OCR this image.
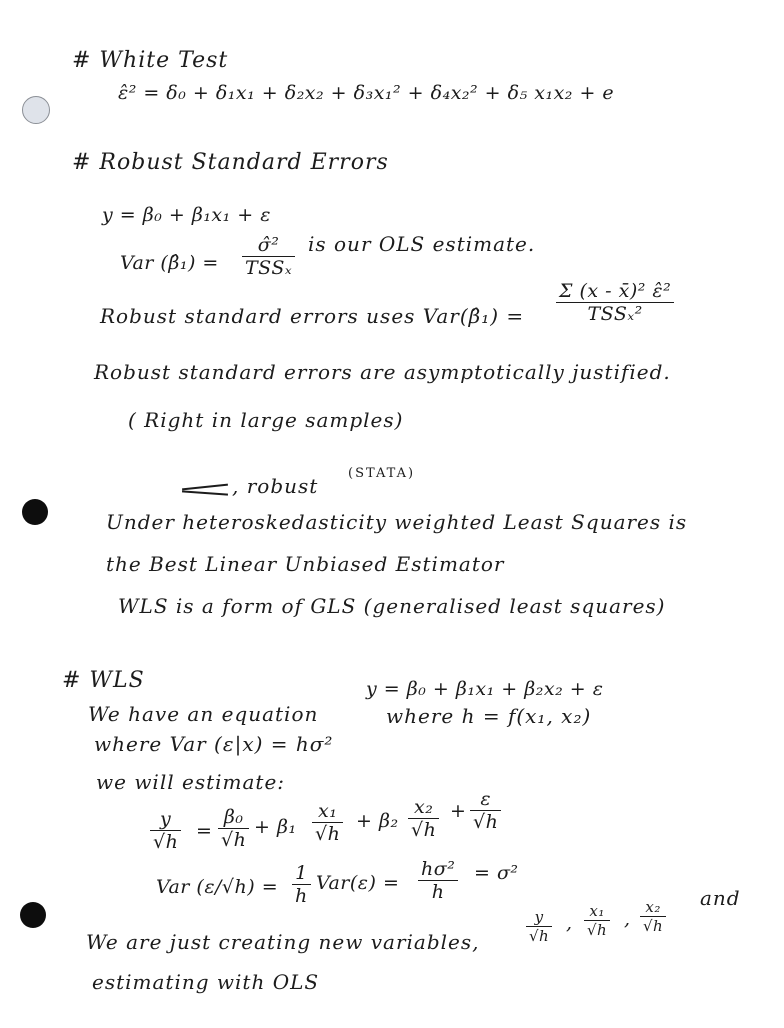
# White Test
ε̂² = δ₀ + δ₁x₁ + δ₂x₂ + δ₃x₁² + δ₄x₂² + δ₅ x₁x₂ + e
# Robust Standard Errors
y = β₀ + β₁x₁ + ε
Var (β̂₁) =
σ̂²
TSSₓ
is our OLS estimate.
Robust standard errors uses Var(β̂₁) =
Σ (x - x̄)² ε̂²
TSSₓ²
Robust standard errors are asymptotically justified.
( Right in large samples)
, robust
(STATA)
Under heteroskedasticity weighted Least Squares is
the Best Linear Unbiased Estimator
WLS is a form of GLS (generalised least squares)
# WLS
We have an equation
y = β₀ + β₁x₁ + β₂x₂ + ε
where Var (ε|x) = hσ²
where h = f(x₁, x₂)
we will estimate:
$\frac{y}{√h} = \frac{\text{β₀}}{√h} + \beta_1 \frac{\text{x₁}}{√h} + \beta_2 \frac{\text{x₂}}{√h} + \frac{\varepsilon}{√h}$
Var $(\varepsilon/√h) = \frac{1}{h} Var(\varepsilon) = \frac{\text{hσ²}}{h} = \sigma^2$
We are just creating new variables,	$\frac{y}{√h}$ , $\frac{\text{x₁}}{√h}$ , $\frac{\text{x₂}}{√h}$ and
estimating with OLS
